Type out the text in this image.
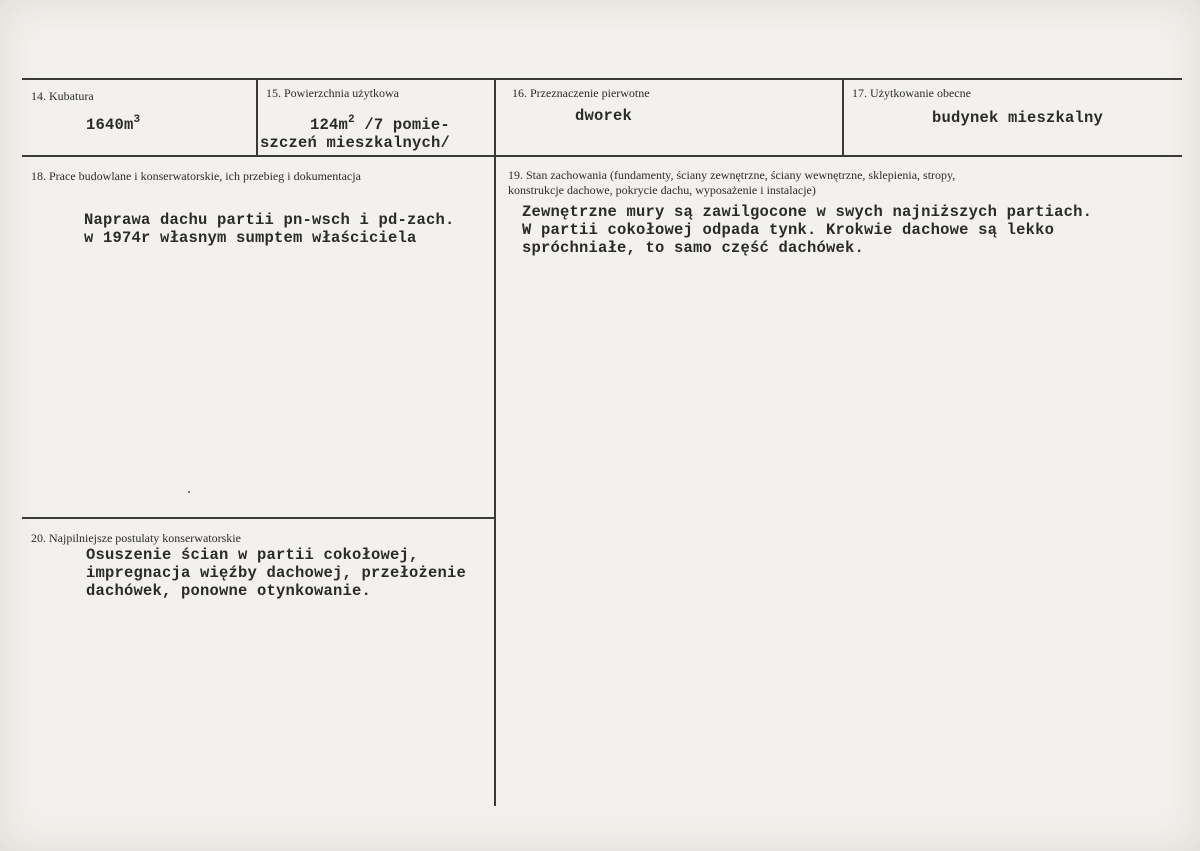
14. Kubatura
$1640m^3$
15. Powierzchnia użytkowa
$124m^2$ /7 pomie-
szczeń mieszkalnych/
16. Przeznaczenie pierwotne
dworek
17. Użytkowanie obecne
budynek mieszkalny
18. Prace budowlane i konserwatorskie, ich przebieg i dokumentacja
Naprawa dachu partii pn-wsch i pd-zach.
w 1974r własnym sumptem właściciela
19. Stan zachowania (fundamenty, ściany zewnętrzne, ściany wewnętrzne, sklepienia, stropy,
konstrukcje dachowe, pokrycie dachu, wyposażenie i instalacje)
Zewnętrzne mury są zawilgocone w swych najniższych partiach.
W partii cokołowej odpada tynk. Krokwie dachowe są lekko
spróchniałe, to samo część dachówek.
20. Najpilniejsze postulaty konserwatorskie
Osuszenie ścian w partii cokołowej,
impregnacja więźby dachowej, przełożenie
dachówek, ponowne otynkowanie.
